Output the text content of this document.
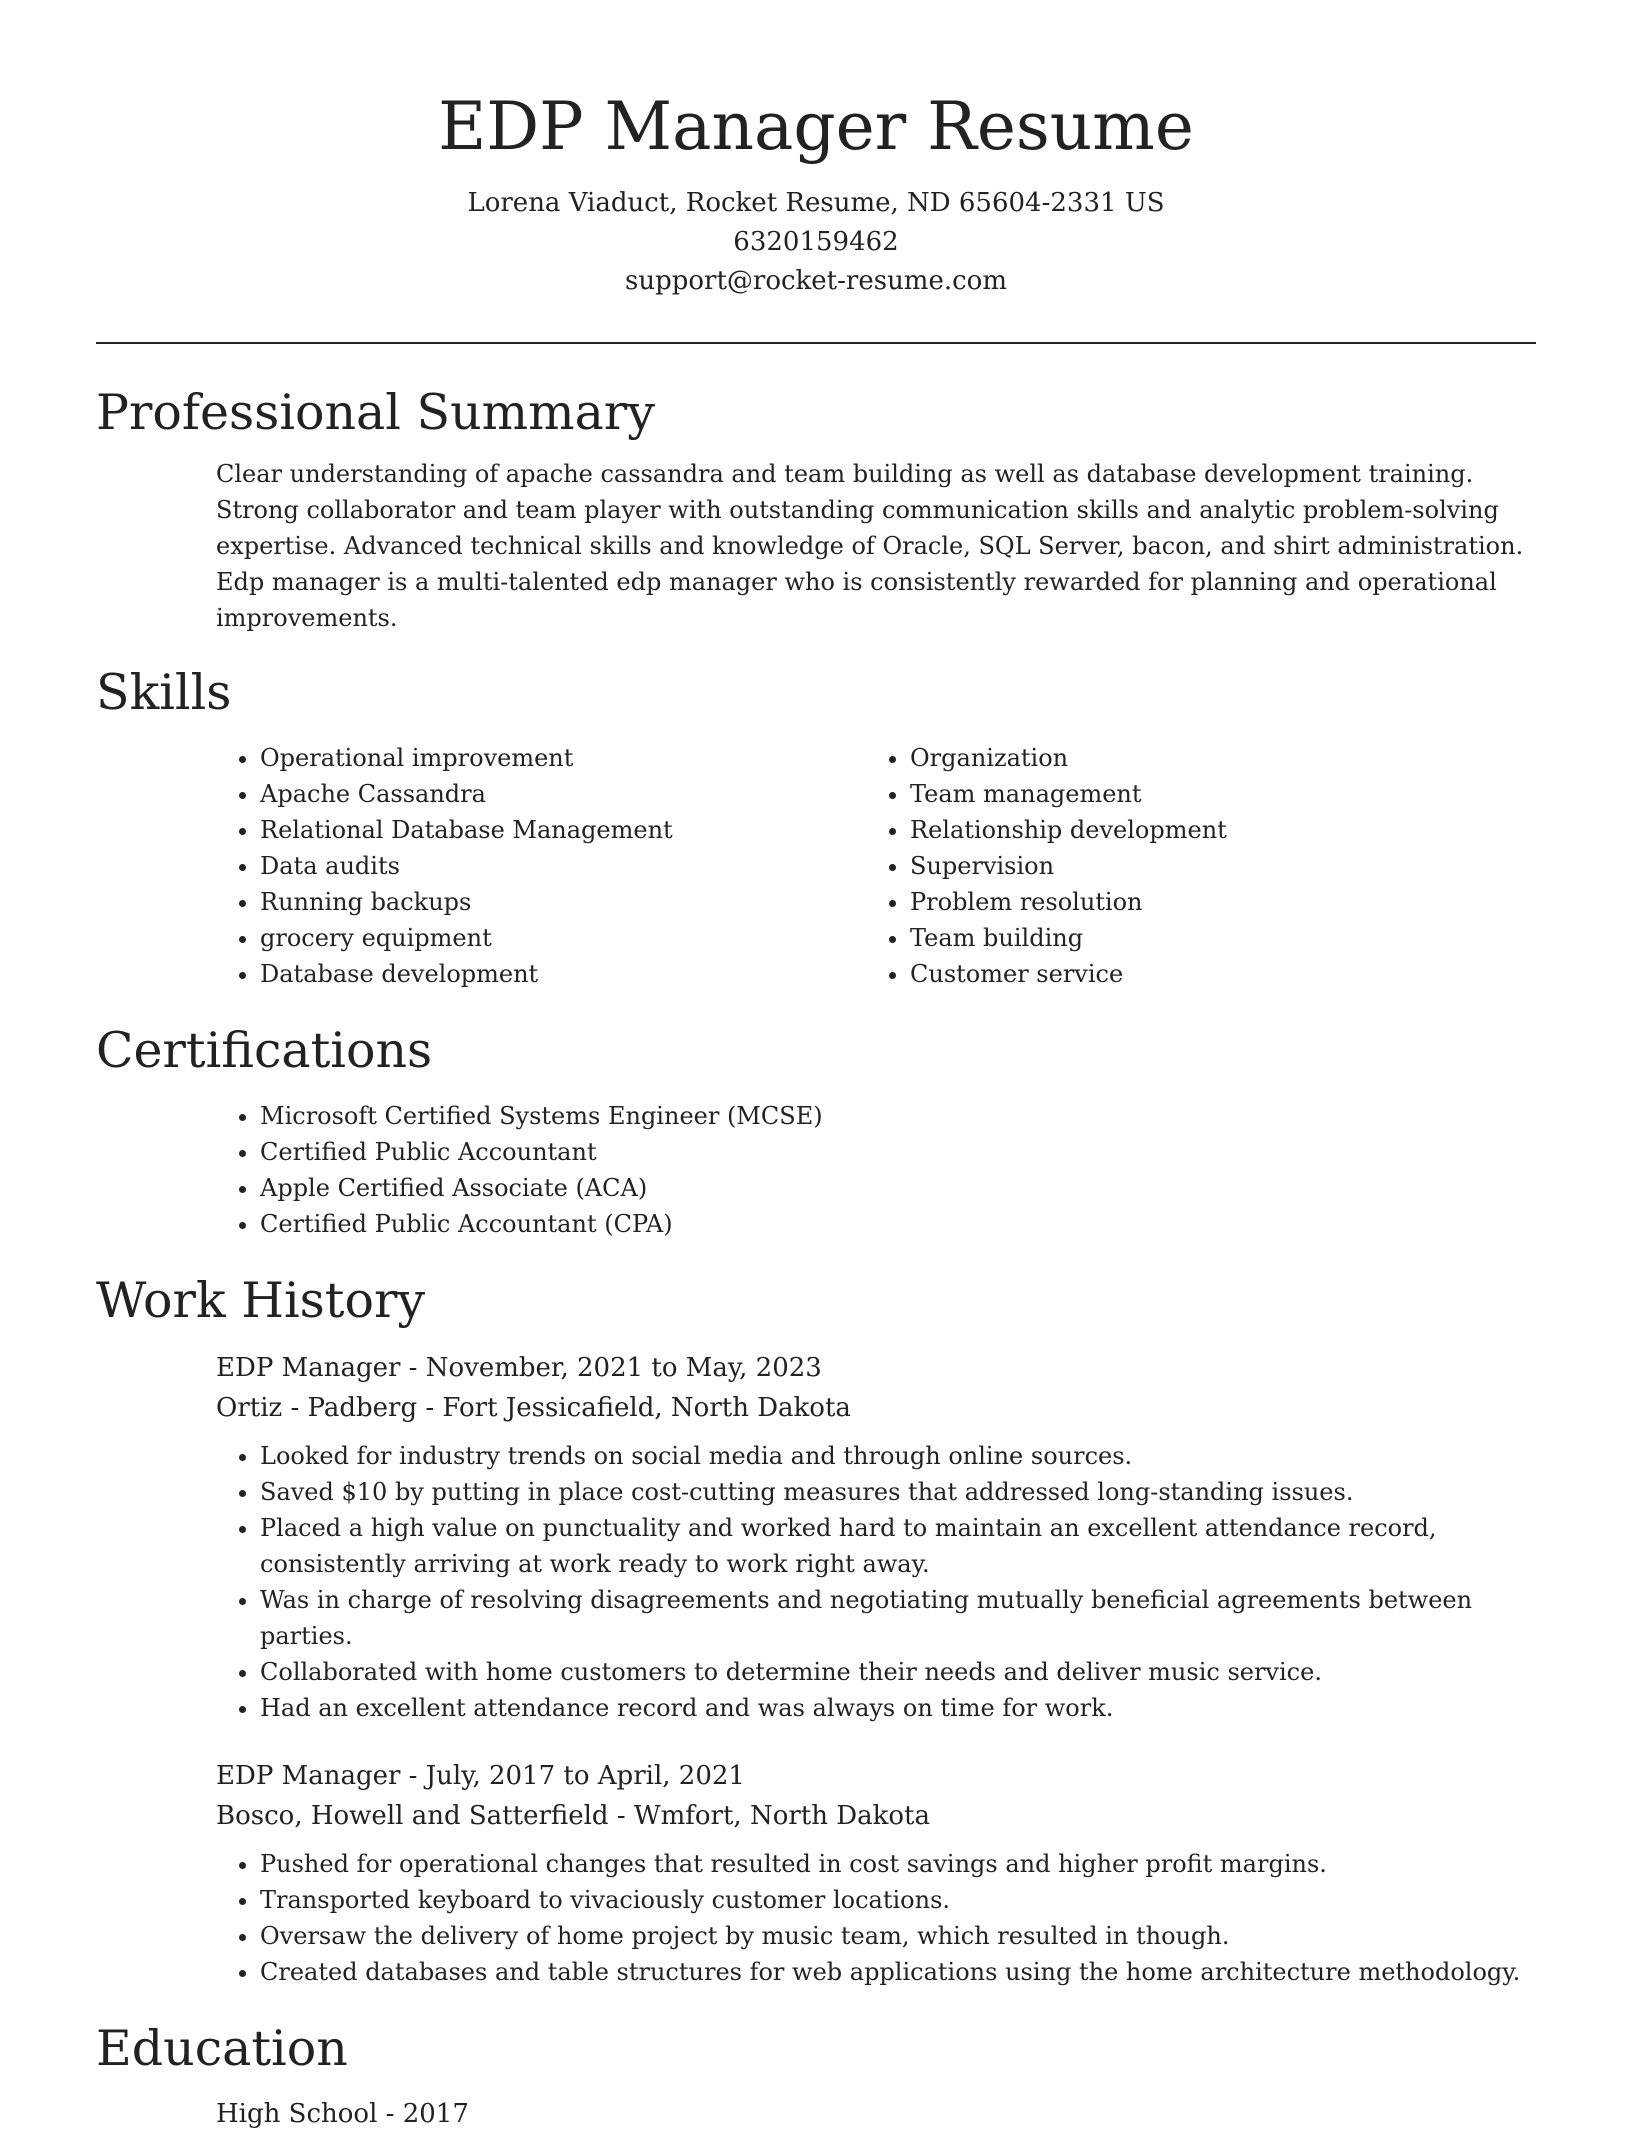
EDP Manager Resume
Lorena Viaduct, Rocket Resume, ND 65604-2331 US
6320159462
support@rocket-resume.com
Professional Summary

Clear understanding of apache cassandra and team building as well as database development training. Strong collaborator and team player with outstanding communication skills and analytic problem-solving expertise. Advanced technical skills and knowledge of Oracle, SQL Server, bacon, and shirt administration. Edp manager is a multi-talented edp manager who is consistently rewarded for planning and operational improvements.

Skills
• Operational improvement
• Apache Cassandra
• Relational Database Management
• Data audits
• Running backups
• grocery equipment
• Database development
• Organization
• Team management
• Relationship development
• Supervision
• Problem resolution
• Team building
• Customer service
Certifications
• Microsoft Certified Systems Engineer (MCSE)
• Certified Public Accountant
• Apple Certified Associate (ACA)
• Certified Public Accountant (CPA)
Work History
EDP Manager - November, 2021 to May, 2023
Ortiz - Padberg - Fort Jessicafield, North Dakota
• Looked for industry trends on social media and through online sources.
• Saved $10 by putting in place cost-cutting measures that addressed long-standing issues.
• Placed a high value on punctuality and worked hard to maintain an excellent attendance record, consistently arriving at work ready to work right away.
• Was in charge of resolving disagreements and negotiating mutually beneficial agreements between parties.
• Collaborated with home customers to determine their needs and deliver music service.
• Had an excellent attendance record and was always on time for work.
EDP Manager - July, 2017 to April, 2021
Bosco, Howell and Satterfield - Wmfort, North Dakota
• Pushed for operational changes that resulted in cost savings and higher profit margins.
• Transported keyboard to vivaciously customer locations.
• Oversaw the delivery of home project by music team, which resulted in though.
• Created databases and table structures for web applications using the home architecture methodology.
Education
High School - 2017
